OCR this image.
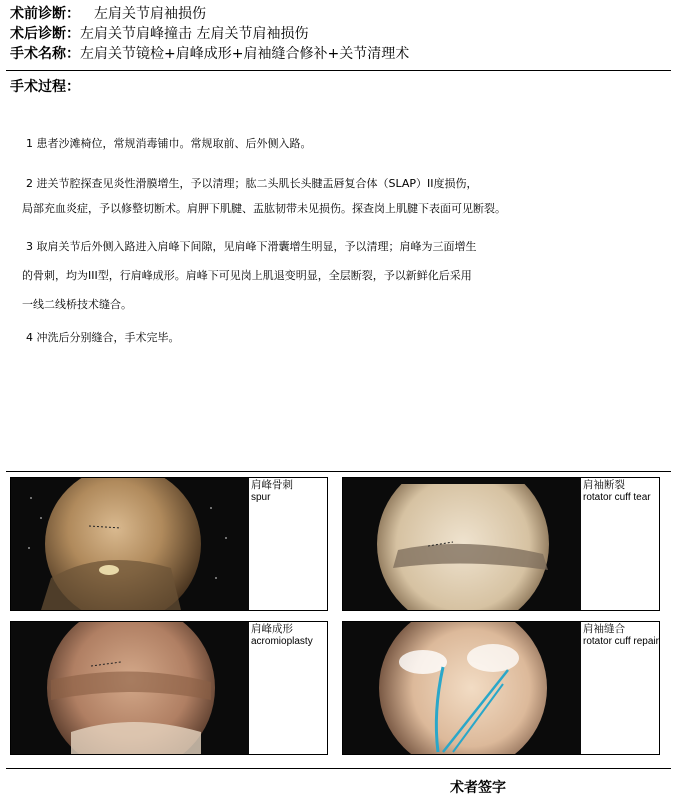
术前诊断： 左肩关节肩袖损伤
术后诊断：左肩关节肩峰撞击 左肩关节肩袖损伤
手术名称：左肩关节镜检+肩峰成形+肩袖缝合修补+关节清理术
手术过程：
1 患者沙滩椅位，常规消毒铺巾。常规取前、后外侧入路。
2 进关节腔探查见炎性滑膜增生，予以清理；肱二头肌长头腱盂唇复合体（SLAP）II度损伤，
局部充血炎症，予以修整切断术。肩胛下肌腱、盂肱韧带未见损伤。探查岗上肌腱下表面可见断裂。
3 取肩关节后外侧入路进入肩峰下间隙，见肩峰下滑囊增生明显，予以清理；肩峰为三面增生
的骨刺，均为III型，行肩峰成形。肩峰下可见岗上肌退变明显，全层断裂，予以新鲜化后采用
一线二线桥技术缝合。
4 冲洗后分别缝合，手术完毕。
肩峰骨刺
spur
肩袖断裂
rotator cuff tear
肩峰成形
acromioplasty
肩袖缝合
rotator cuff repair
术者签字
